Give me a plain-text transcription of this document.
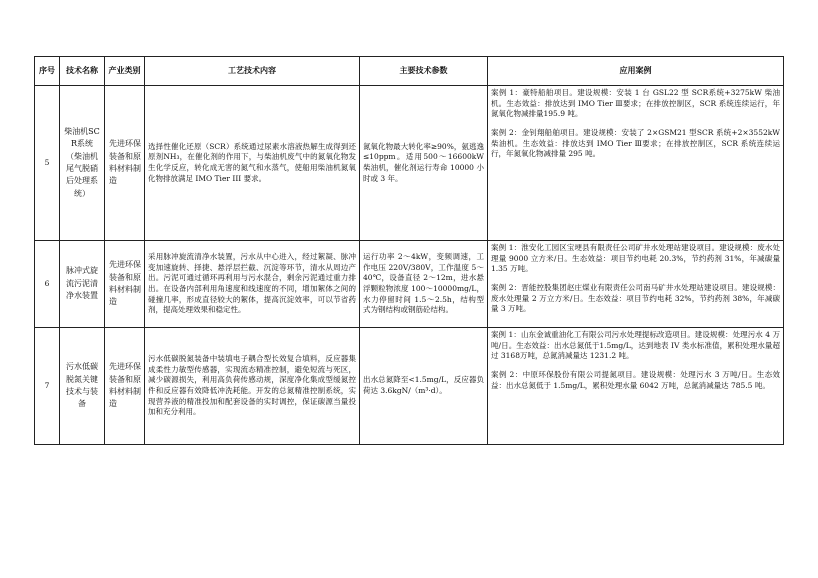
序号	技术名称	产业类别	工艺技术内容	主要技术参数	应用案例
5	柴油机SCR系统（柴油机尾气脱硝后处理系统）	先进环保装备和原料材料制造	选择性催化还原（SCR）系统通过尿素水溶液热解生成得到还原剂NH₃，在催化剂的作用下，与柴油机废气中的氮氧化物发生化学反应，转化成无害的氮气和水蒸气，使船用柴油机氮氧化物排放满足 IMO Tier III 要求。	氮氧化物最大转化率≥90%，氨逃逸≤10ppm。适用500～16600kW 柴油机，催化剂运行寿命 10000 小时或 3 年。	案例 1：豪特船舶项目。建设规模：安装 1 台 GSL22 型 SCR系统+3275kW 柴油机。生态效益：排放达到 IMO Tier Ⅲ要求；在排放控制区，SCR 系统连续运行，年氮氧化物减排量195.9 吨。
案例 2：金钊翔船舶项目。建设规模：安装了 2×GSM21 型SCR 系统+2×3552kW 柴油机。生态效益：排放达到 IMO Tier Ⅲ要求；在排放控制区，SCR 系统连续运行，年氮氧化物减排量 295 吨。

6	脉冲式旋流污泥清净水装置	先进环保装备和原料材料制造	采用脉冲旋流清净水装置，污水从中心进入，经过絮凝、脉冲变加速旋转、择捷、悬浮层拦截、沉淀等环节，清水从周边产出。污泥可通过循环再利用与污水混合，剩余污泥通过重力排出。在设备内部利用角速度和线速度的不同，增加絮体之间的碰撞几率，形成直径较大的絮体，提高沉淀效率，可以节省药剂，提高处理效果和稳定性。	运行功率 2～4kW，变频调速，工作电压 220V/380V，工作温度 5～40℃，设备直径 2～12m，进水悬浮颗粒物浓度 100～10000mg/L，水力停留时间 1.5～2.5h，结构型式为钢结构或钢筋砼结构。	案例 1：淮安化工园区宝埂县有限责任公司矿井水处理站建设项目。建设规模：废水处理量 9000 立方米/日。生态效益：项目节约电耗 20.3%，节约药剂 31%，年减碳量 1.35 万吨。
案例 2：晋能控股集团赵庄煤业有限责任公司南马矿井水处理站建设项目。建设规模：废水处理量 2 万立方米/日。生态效益：项目节约电耗 32%，节约药剂 38%，年减碳量 3 万吨。

7	污水低碳脱氮关键技术与装备	先进环保装备和原料材料制造	污水低碳脱氮装备中装填电子耦合型长效复合填料，反应器集成柔性力敏型传感器，实现流态精准控制，避免短流与死区，减少碳源损失，利用高负荷传感动规，深度净化集成型缓氮控件和反应器有效降低冲洗耗能。开发的总氮精准控制系统，实现营养液的精准投加和配套设备的实时调控，保证碳源当量投加和充分利用。	出水总氮降至<1.5mg/L，反应器负荷达 3.6kgN/（m³·d）。	案例 1：山东金诚重油化工有限公司污水处理提标改造项目。建设规模：处理污水 4 万吨/日。生态效益：出水总氮低于1.5mg/L，达到地表 IV 类水标准值，累积处理水量超过 3168万吨，总氮消减量达 1231.2 吨。
案例 2：中原环保股份有限公司提氮项目。建设规模：处理污水 3 万吨/日。生态效益：出水总氮低于 1.5mg/L，累积处理水量 6042 万吨，总氮消减量达 785.5 吨。
